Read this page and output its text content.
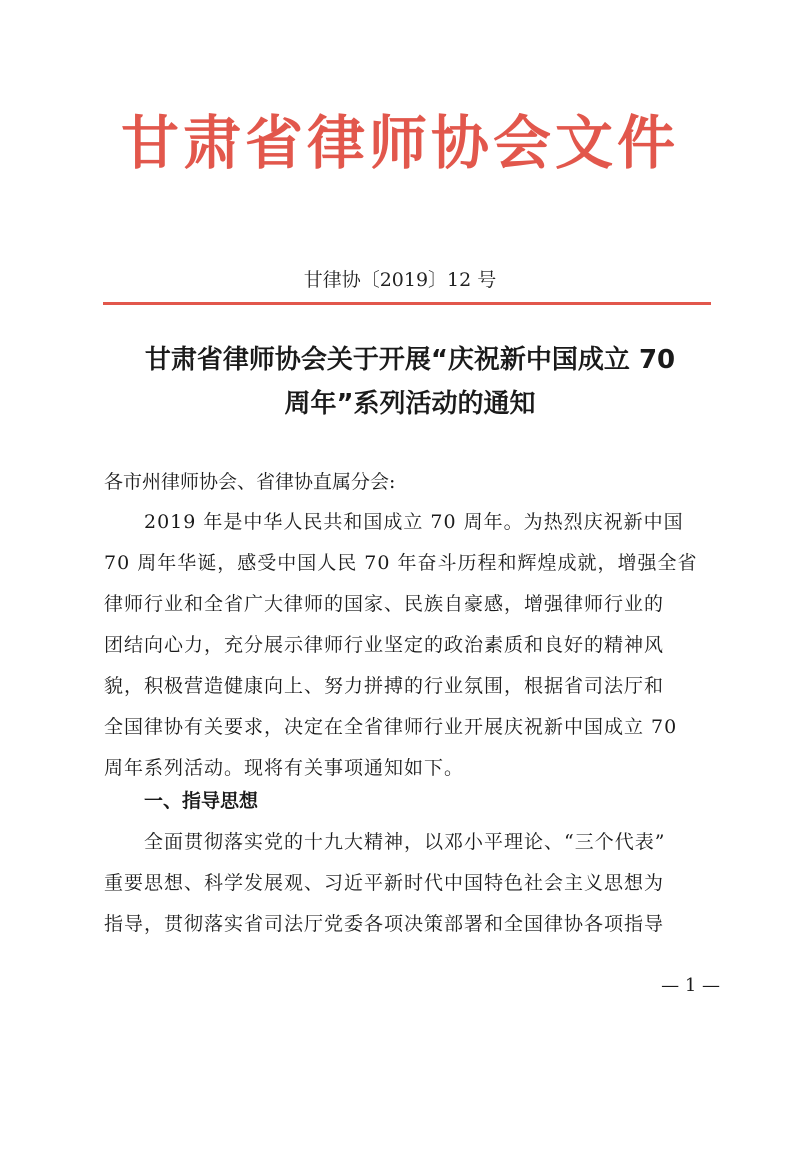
甘肃省律师协会文件
甘律协〔2019〕12 号
甘肃省律师协会关于开展“庆祝新中国成立 70
周年”系列活动的通知
各市州律师协会、省律协直属分会:
2019 年是中华人民共和国成立 70 周年。为热烈庆祝新中国
70 周年华诞，感受中国人民 70 年奋斗历程和辉煌成就，增强全省
律师行业和全省广大律师的国家、民族自豪感，增强律师行业的
团结向心力，充分展示律师行业坚定的政治素质和良好的精神风
貌，积极营造健康向上、努力拼搏的行业氛围，根据省司法厅和
全国律协有关要求，决定在全省律师行业开展庆祝新中国成立 70
周年系列活动。现将有关事项通知如下。
一、指导思想
全面贯彻落实党的十九大精神，以邓小平理论、“三个代表”
重要思想、科学发展观、习近平新时代中国特色社会主义思想为
指导，贯彻落实省司法厅党委各项决策部署和全国律协各项指导
— 1 —
